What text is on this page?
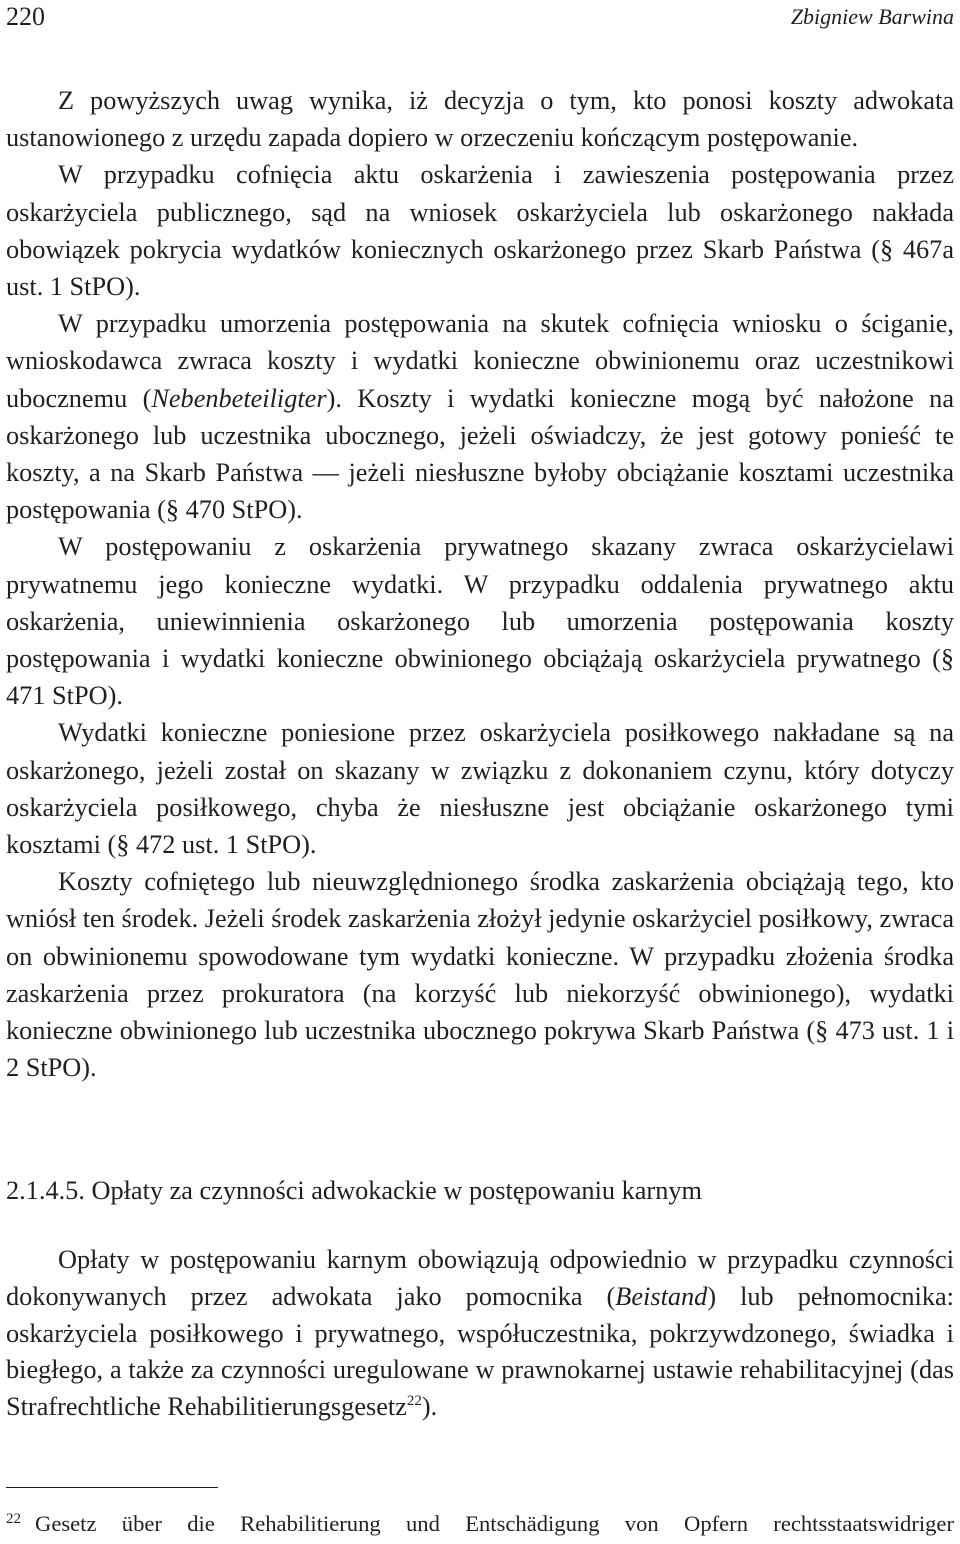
220	Zbigniew Barwina

Z powyższych uwag wynika, iż decyzja o tym, kto ponosi koszty adwokata ustanowionego z urzędu zapada dopiero w orzeczeniu kończącym postępowanie.

W przypadku cofnięcia aktu oskarżenia i zawieszenia postępowania przez oskarżyciela publicznego, sąd na wniosek oskarżyciela lub oskarżonego nakłada obowiązek pokrycia wydatków koniecznych oskarżonego przez Skarb Państwa (§ 467a ust. 1 StPO).

W przypadku umorzenia postępowania na skutek cofnięcia wniosku o ściganie, wnioskodawca zwraca koszty i wydatki konieczne obwinionemu oraz uczestnikowi ubocznemu (Nebenbeteiligter). Koszty i wydatki konieczne mogą być nałożone na oskarżonego lub uczestnika ubocznego, jeżeli oświadczy, że jest gotowy ponieść te koszty, a na Skarb Państwa — jeżeli niesłuszne byłoby obciążanie kosztami uczestnika postępowania (§ 470 StPO).

W postępowaniu z oskarżenia prywatnego skazany zwraca oskarżycielawi prywatnemu jego konieczne wydatki. W przypadku oddalenia prywatnego aktu oskarżenia, uniewinnienia oskarżonego lub umorzenia postępowania koszty postępowania i wydatki konieczne obwinionego obciążają oskarżyciela prywatnego (§ 471 StPO).

Wydatki konieczne poniesione przez oskarżyciela posiłkowego nakładane są na oskarżonego, jeżeli został on skazany w związku z dokonaniem czynu, który dotyczy oskarżyciela posiłkowego, chyba że niesłuszne jest obciążanie oskarżonego tymi kosztami (§ 472 ust. 1 StPO).

Koszty cofniętego lub nieuwzględnionego środka zaskarżenia obciążają tego, kto wniósł ten środek. Jeżeli środek zaskarżenia złożył jedynie oskarżyciel posiłkowy, zwraca on obwinionemu spowodowane tym wydatki konieczne. W przypadku złożenia środka zaskarżenia przez prokuratora (na korzyść lub niekorzyść obwinionego), wydatki konieczne obwinionego lub uczestnika ubocznego pokrywa Skarb Państwa (§ 473 ust. 1 i 2 StPO).

2.1.4.5. Opłaty za czynności adwokackie w postępowaniu karnym

Opłaty w postępowaniu karnym obowiązują odpowiednio w przypadku czynności dokonywanych przez adwokata jako pomocnika (Beistand) lub pełnomocnika: oskarżyciela posiłkowego i prywatnego, współuczestnika, pokrzywdzonego, świadka i biegłego, a także za czynności uregulowane w prawnokarnej ustawie rehabilitacyjnej (das Strafrechtliche Rehabilitierungsgesetz$^{22}$).

$^{22}$ Gesetz über die Rehabilitierung und Entschädigung von Opfern rechtsstaatswidriger
